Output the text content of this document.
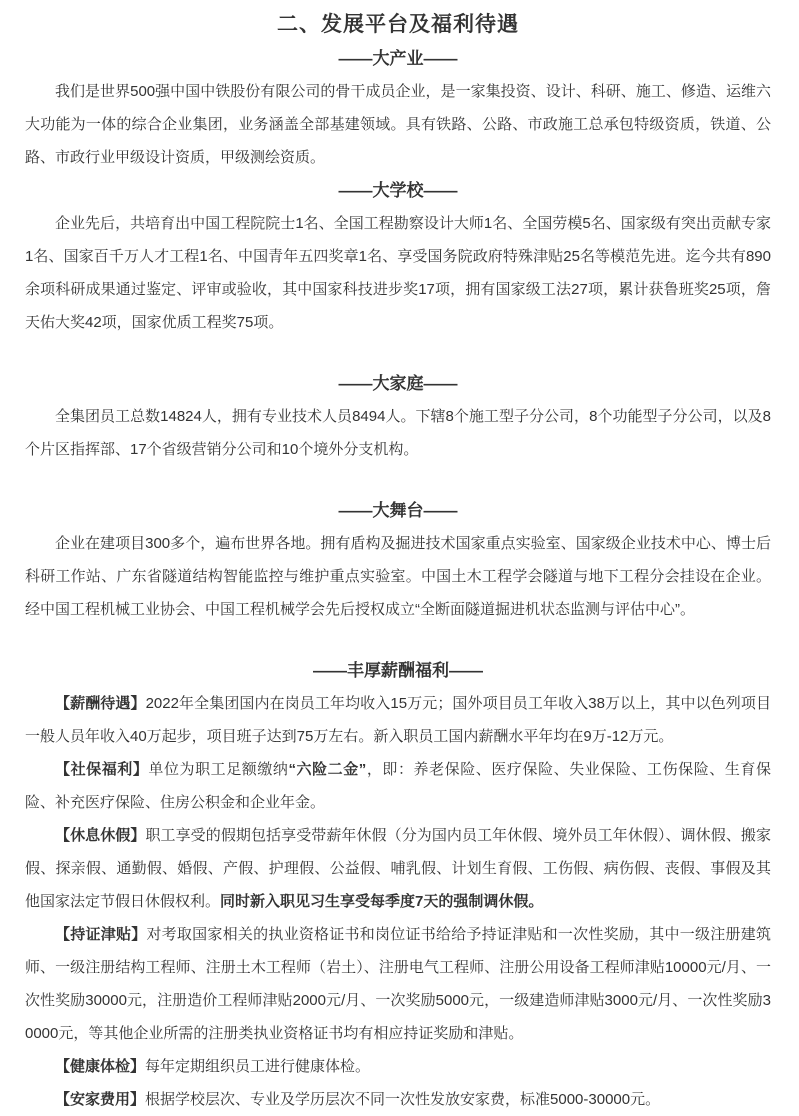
二、发展平台及福利待遇
——大产业——

我们是世界500强中国中铁股份有限公司的骨干成员企业，是一家集投资、设计、科研、施工、修造、运维六大功能为一体的综合企业集团，业务涵盖全部基建领域。具有铁路、公路、市政施工总承包特级资质，铁道、公路、市政行业甲级设计资质，甲级测绘资质。

——大学校——

企业先后，共培育出中国工程院院士1名、全国工程勘察设计大师1名、全国劳模5名、国家级有突出贡献专家1名、国家百千万人才工程1名、中国青年五四奖章1名、享受国务院政府特殊津贴25名等模范先进。迄今共有890余项科研成果通过鉴定、评审或验收，其中国家科技进步奖17项，拥有国家级工法27项，累计获鲁班奖25项，詹天佑大奖42项，国家优质工程奖75项。

——大家庭——

全集团员工总数14824人，拥有专业技术人员8494人。下辖8个施工型子分公司，8个功能型子分公司，以及8个片区指挥部、17个省级营销分公司和10个境外分支机构。

——大舞台——

企业在建项目300多个，遍布世界各地。拥有盾构及掘进技术国家重点实验室、国家级企业技术中心、博士后科研工作站、广东省隧道结构智能监控与维护重点实验室。中国土木工程学会隧道与地下工程分会挂设在企业。经中国工程机械工业协会、中国工程机械学会先后授权成立“全断面隧道掘进机状态监测与评估中心”。

——丰厚薪酬福利——

【薪酬待遇】2022年全集团国内在岗员工年均收入15万元；国外项目员工年收入38万以上，其中以色列项目一般人员年收入40万起步，项目班子达到75万左右。新入职员工国内薪酬水平年均在9万-12万元。

【社保福利】单位为职工足额缴纳“六险二金”，即：养老保险、医疗保险、失业保险、工伤保险、生育保险、补充医疗保险、住房公积金和企业年金。

【休息休假】职工享受的假期包括享受带薪年休假（分为国内员工年休假、境外员工年休假）、调休假、搬家假、探亲假、通勤假、婚假、产假、护理假、公益假、哺乳假、计划生育假、工伤假、病伤假、丧假、事假及其他国家法定节假日休假权利。同时新入职见习生享受每季度7天的强制调休假。

【持证津贴】对考取国家相关的执业资格证书和岗位证书给给予持证津贴和一次性奖励，其中一级注册建筑师、一级注册结构工程师、注册土木工程师（岩土）、注册电气工程师、注册公用设备工程师津贴10000元/月、一次性奖励30000元，注册造价工程师津贴2000元/月、一次奖励5000元，一级建造师津贴3000元/月、一次性奖励30000元，等其他企业所需的注册类执业资格证书均有相应持证奖励和津贴。

【健康体检】每年定期组织员工进行健康体检。

【安家费用】根据学校层次、专业及学历层次不同一次性发放安家费，标准5000-30000元。
